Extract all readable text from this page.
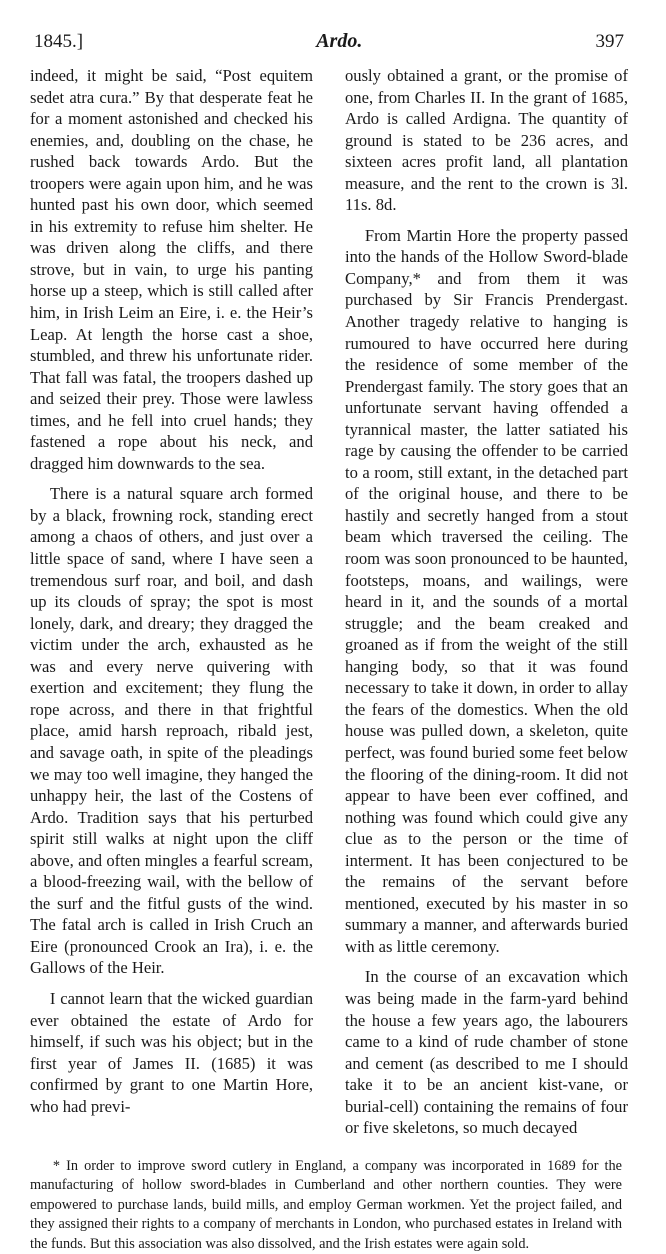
1845.]	Ardo.	397

indeed, it might be said, “Post equitem sedet atra cura.” By that desperate feat he for a moment astonished and checked his enemies, and, doubling on the chase, he rushed back towards Ardo. But the troopers were again upon him, and he was hunted past his own door, which seemed in his extremity to refuse him shelter. He was driven along the cliffs, and there strove, but in vain, to urge his panting horse up a steep, which is still called after him, in Irish Leim an Eire, i. e. the Heir’s Leap. At length the horse cast a shoe, stumbled, and threw his unfortunate rider. That fall was fatal, the troopers dashed up and seized their prey. Those were lawless times, and he fell into cruel hands; they fastened a rope about his neck, and dragged him downwards to the sea.

There is a natural square arch formed by a black, frowning rock, standing erect among a chaos of others, and just over a little space of sand, where I have seen a tremendous surf roar, and boil, and dash up its clouds of spray; the spot is most lonely, dark, and dreary; they dragged the victim under the arch, exhausted as he was and every nerve quivering with exertion and excitement; they flung the rope across, and there in that frightful place, amid harsh reproach, ribald jest, and savage oath, in spite of the pleadings we may too well imagine, they hanged the unhappy heir, the last of the Costens of Ardo. Tradition says that his perturbed spirit still walks at night upon the cliff above, and often mingles a fearful scream, a blood-freezing wail, with the bellow of the surf and the fitful gusts of the wind. The fatal arch is called in Irish Cruch an Eire (pronounced Crook an Ira), i. e. the Gallows of the Heir.

I cannot learn that the wicked guardian ever obtained the estate of Ardo for himself, if such was his object; but in the first year of James II. (1685) it was confirmed by grant to one Martin Hore, who had previ-

ously obtained a grant, or the promise of one, from Charles II. In the grant of 1685, Ardo is called Ardigna. The quantity of ground is stated to be 236 acres, and sixteen acres profit land, all plantation measure, and the rent to the crown is 3l. 11s. 8d.

From Martin Hore the property passed into the hands of the Hollow Sword-blade Company,* and from them it was purchased by Sir Francis Prendergast. Another tragedy relative to hanging is rumoured to have occurred here during the residence of some member of the Prendergast family. The story goes that an unfortunate servant having offended a tyrannical master, the latter satiated his rage by causing the offender to be carried to a room, still extant, in the detached part of the original house, and there to be hastily and secretly hanged from a stout beam which traversed the ceiling. The room was soon pronounced to be haunted, footsteps, moans, and wailings, were heard in it, and the sounds of a mortal struggle; and the beam creaked and groaned as if from the weight of the still hanging body, so that it was found necessary to take it down, in order to allay the fears of the domestics. When the old house was pulled down, a skeleton, quite perfect, was found buried some feet below the flooring of the dining-room. It did not appear to have been ever coffined, and nothing was found which could give any clue as to the person or the time of interment. It has been conjectured to be the remains of the servant before mentioned, executed by his master in so summary a manner, and afterwards buried with as little ceremony.

In the course of an excavation which was being made in the farm-yard behind the house a few years ago, the labourers came to a kind of rude chamber of stone and cement (as described to me I should take it to be an ancient kist-vane, or burial-cell) containing the remains of four or five skeletons, so much decayed

* In order to improve sword cutlery in England, a company was incorporated in 1689 for the manufacturing of hollow sword-blades in Cumberland and other northern counties. They were empowered to purchase lands, build mills, and employ German workmen. Yet the project failed, and they assigned their rights to a company of merchants in London, who purchased estates in Ireland with the funds. But this association was also dissolved, and the Irish estates were again sold.
